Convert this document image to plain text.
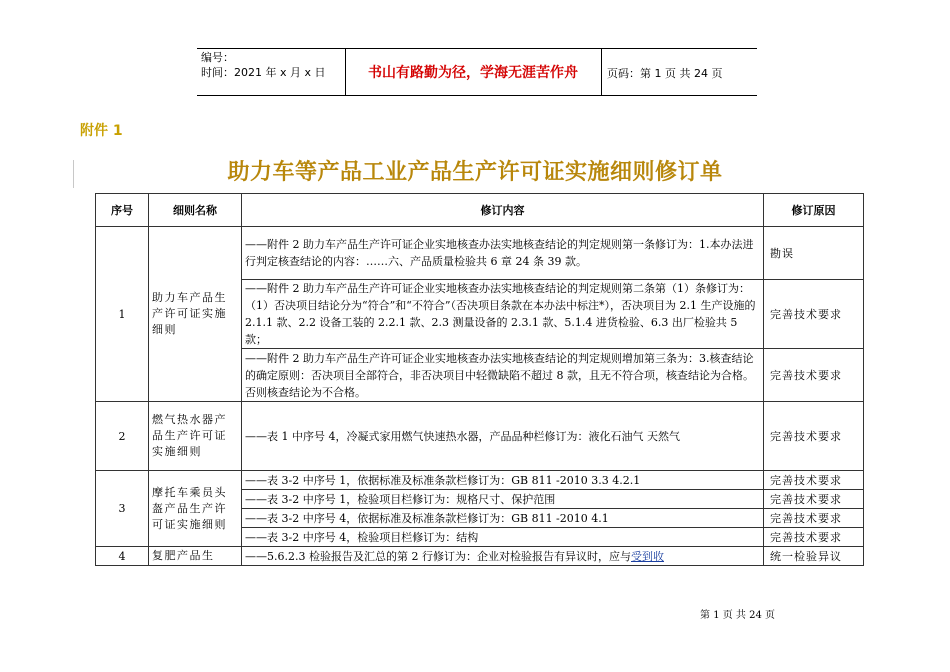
编号：
时间：2021 年 x 月 x 日	书山有路勤为径，学海无涯苦作舟	页码：第 1 页 共 24 页
附件 1
助力车等产品工业产品生产许可证实施细则修订单
序号	细则名称	修订内容	修订原因
1	助力车产品生产许可证实施细则	——附件 2 助力车产品生产许可证企业实地核查办法实地核查结论的判定规则第一条修订为：1.本办法进行判定核查结论的内容：……六、产品质量检验共 6 章 24 条 39 款。	勘误
		——附件 2 助力车产品生产许可证企业实地核查办法实地核查结论的判定规则第二条第（1）条修订为：（1）否决项目结论分为“符合”和“不符合”（否决项目条款在本办法中标注*），否决项目为 2.1 生产设施的 2.1.1 款、2.2 设备工装的 2.2.1 款、2.3 测量设备的 2.3.1 款、5.1.4 进货检验、6.3 出厂检验共 5 款；	完善技术要求
		——附件 2 助力车产品生产许可证企业实地核查办法实地核查结论的判定规则增加第三条为：3.核查结论的确定原则：否决项目全部符合，非否决项目中轻微缺陷不超过 8 款，且无不符合项，核查结论为合格。否则核查结论为不合格。	完善技术要求
2	燃气热水器产品生产许可证实施细则	——表 1 中序号 4，冷凝式家用燃气快速热水器，产品品种栏修订为：液化石油气 天然气	完善技术要求
3	摩托车乘员头盔产品生产许可证实施细则	——表 3-2 中序号 1，依据标准及标准条款栏修订为：GB 811 -2010 3.3 4.2.1	完善技术要求
		——表 3-2 中序号 1，检验项目栏修订为：规格尺寸、保护范围	完善技术要求
		——表 3-2 中序号 4，依据标准及标准条款栏修订为：GB 811 -2010 4.1	完善技术要求
		——表 3-2 中序号 4，检验项目栏修订为：结构	完善技术要求
4	复肥产品生	——5.6.2.3 检验报告及汇总的第 2 行修订为：企业对检验报告有异议时，应与受到收	统一检验异议
第 1 页 共 24 页
